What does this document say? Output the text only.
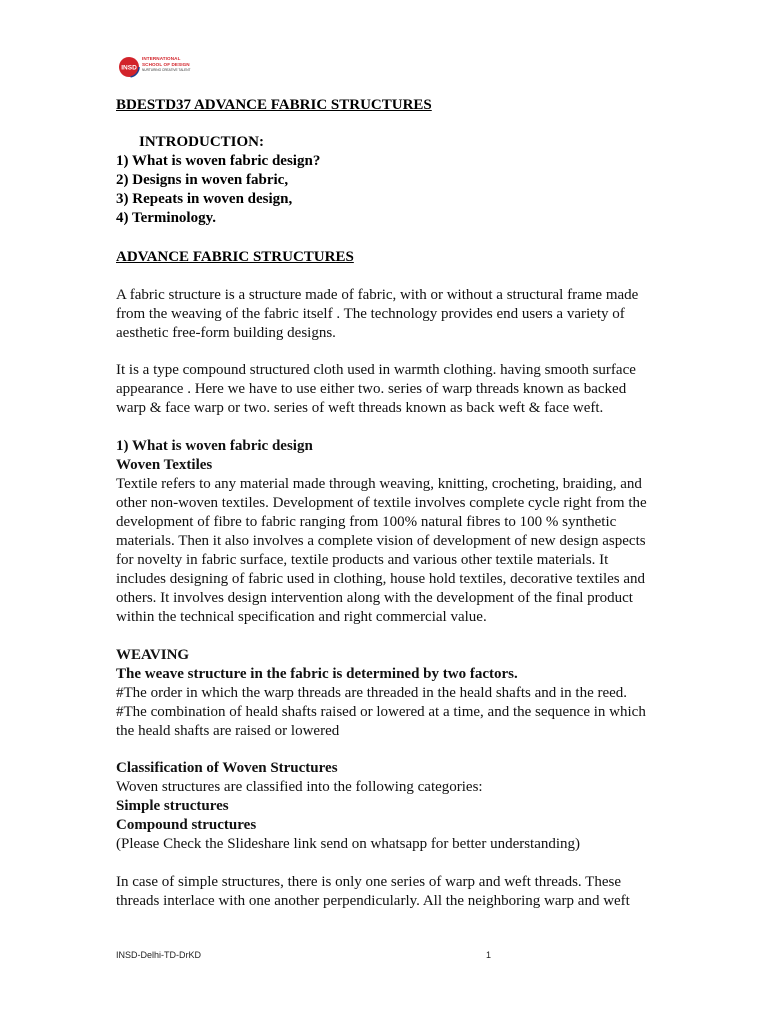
INSD
INTERNATIONAL
SCHOOL OF DESIGN
NURTURING CREATIVE TALENT
BDESTD37 ADVANCE FABRIC STRUCTURES
INTRODUCTION:
1) What is woven fabric design?
2) Designs in woven fabric,
3) Repeats in woven design,
4) Terminology.
ADVANCE FABRIC STRUCTURES
A fabric structure is a structure made of fabric, with or without a structural frame made
from the weaving of the fabric itself . The technology provides end users a variety of
aesthetic free-form building designs.
It is a type compound structured cloth used in warmth clothing. having smooth surface
appearance . Here we have to use either two. series of warp threads known as backed
warp & face warp or two. series of weft threads known as back weft & face weft.
1) What is woven fabric design
Woven Textiles
Textile refers to any material made through weaving, knitting, crocheting, braiding, and
other non-woven textiles. Development of textile involves complete cycle right from the
development of fibre to fabric ranging from 100% natural fibres to 100 % synthetic
materials. Then it also involves a complete vision of development of new design aspects
for novelty in fabric surface, textile products and various other textile materials. It
includes designing of fabric used in clothing, house hold textiles, decorative textiles and
others. It involves design intervention along with the development of the final product
within the technical specification and right commercial value.
WEAVING
The weave structure in the fabric is determined by two factors.
#The order in which the warp threads are threaded in the heald shafts and in the reed.
#The combination of heald shafts raised or lowered at a time, and the sequence in which
the heald shafts are raised or lowered
Classification of Woven Structures
Woven structures are classified into the following categories:
Simple structures
Compound structures
(Please Check the Slideshare link send on whatsapp for better understanding)
In case of simple structures, there is only one series of warp and weft threads. These
threads interlace with one another perpendicularly. All the neighboring warp and weft
INSD-Delhi-TD-DrKD	1
